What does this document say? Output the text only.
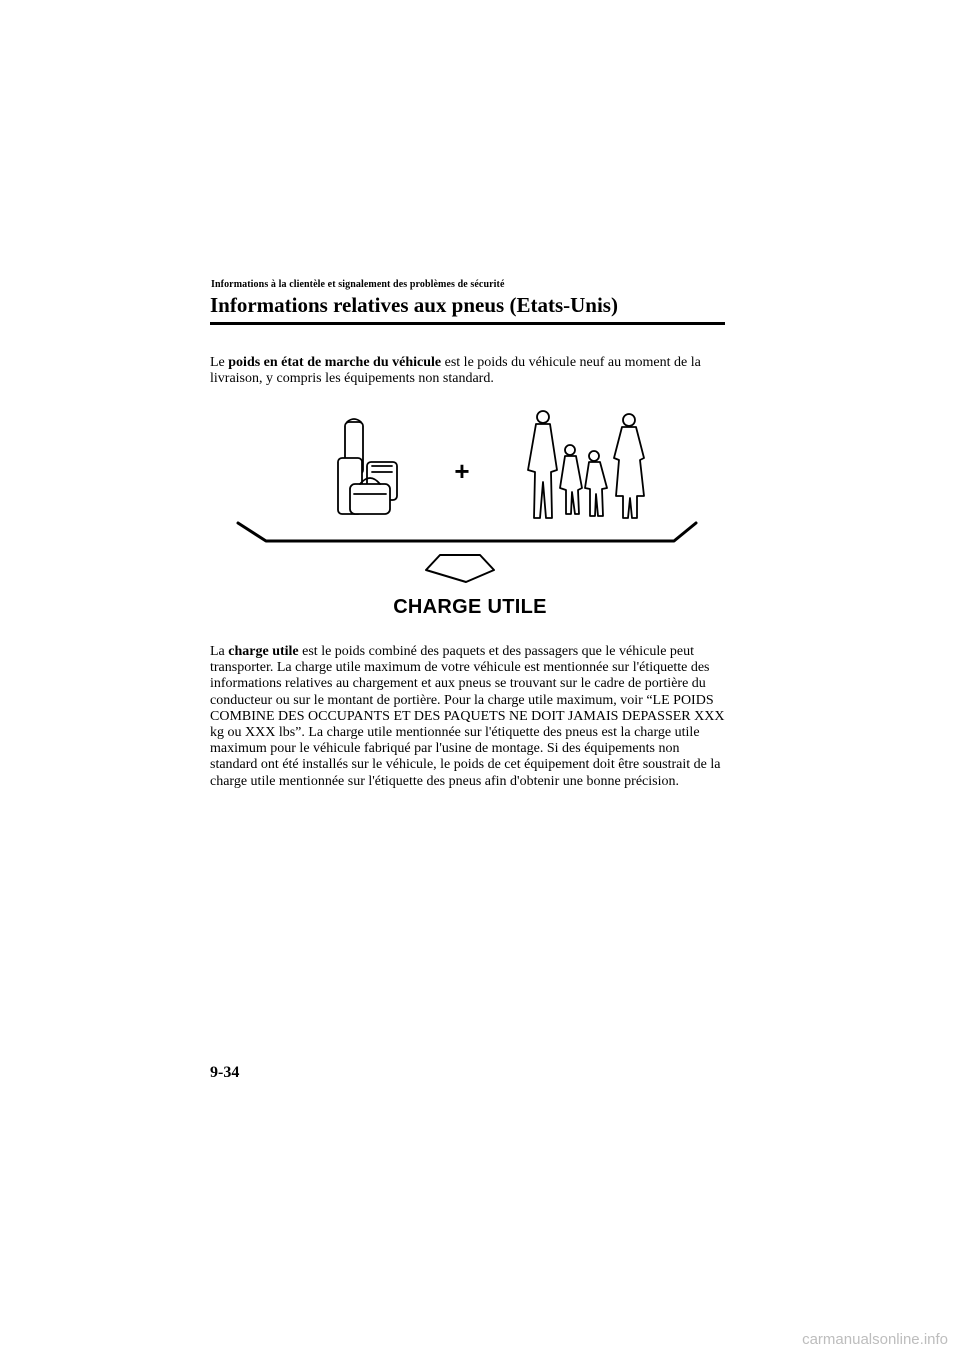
Informations à la clientèle et signalement des problèmes de sécurité
Informations relatives aux pneus (Etats-Unis)

Le poids en état de marche du véhicule est le poids du véhicule neuf au moment de la livraison, y compris les équipements non standard.

+
CHARGE UTILE

La charge utile est le poids combiné des paquets et des passagers que le véhicule peut transporter. La charge utile maximum de votre véhicule est mentionnée sur l'étiquette des informations relatives au chargement et aux pneus se trouvant sur le cadre de portière du conducteur ou sur le montant de portière. Pour la charge utile maximum, voir “LE POIDS COMBINE DES OCCUPANTS ET DES PAQUETS NE DOIT JAMAIS DEPASSER XXX kg ou XXX lbs”. La charge utile mentionnée sur l'étiquette des pneus est la charge utile maximum pour le véhicule fabriqué par l'usine de montage. Si des équipements non standard ont été installés sur le véhicule, le poids de cet équipement doit être soustrait de la charge utile mentionnée sur l'étiquette des pneus afin d'obtenir une bonne précision.

9-34
carmanualsonline.info
